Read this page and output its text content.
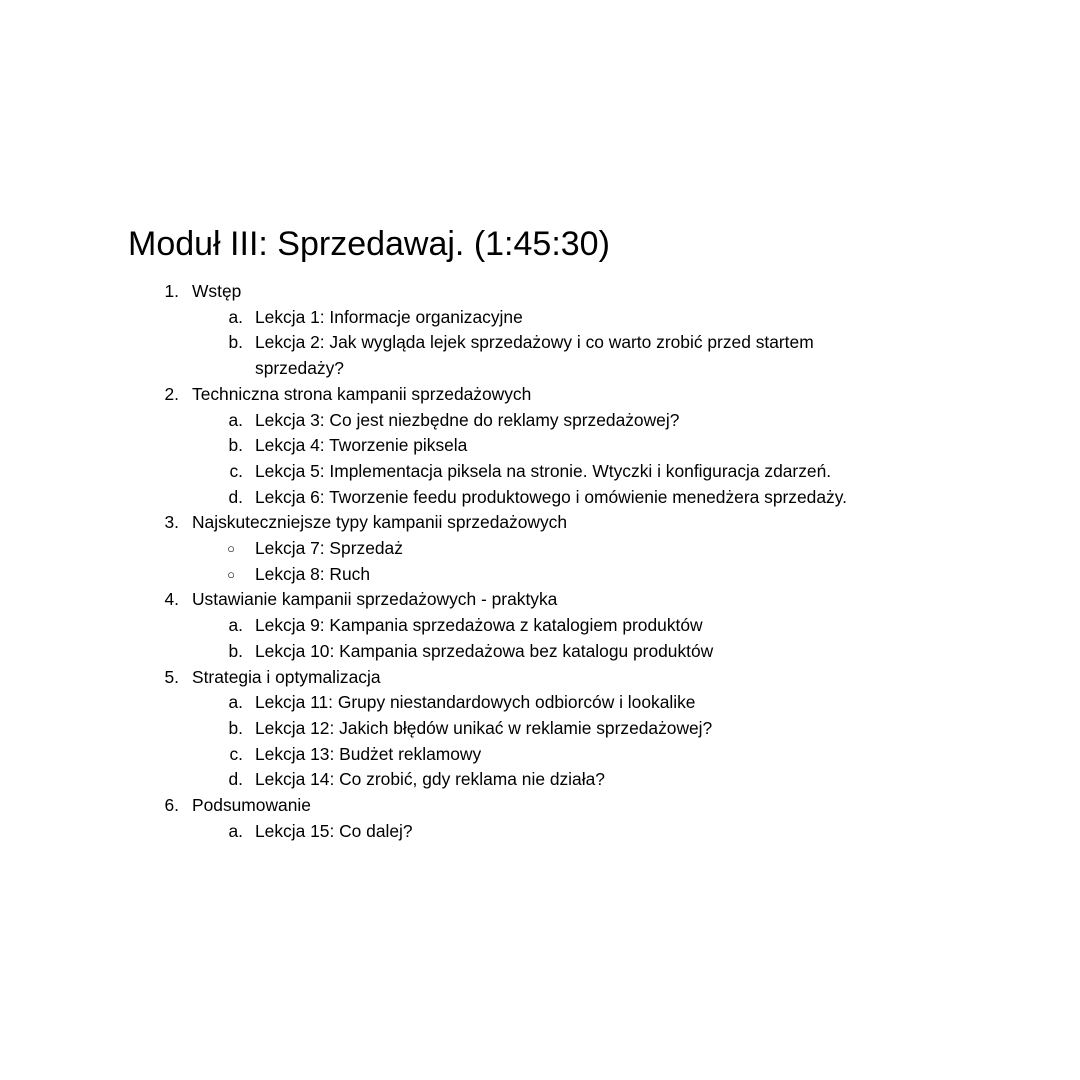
Moduł III: Sprzedawaj. (1:45:30)
1. Wstęp
a. Lekcja 1: Informacje organizacyjne
b. Lekcja 2: Jak wygląda lejek sprzedażowy i co warto zrobić przed startem sprzedaży?
2. Techniczna strona kampanii sprzedażowych
a. Lekcja 3: Co jest niezbędne do reklamy sprzedażowej?
b. Lekcja 4: Tworzenie piksela
c. Lekcja 5: Implementacja piksela na stronie. Wtyczki i konfiguracja zdarzeń.
d. Lekcja 6: Tworzenie feedu produktowego i omówienie menedżera sprzedaży.
3. Najskuteczniejsze typy kampanii sprzedażowych
○ Lekcja 7: Sprzedaż
○ Lekcja 8: Ruch
4. Ustawianie kampanii sprzedażowych - praktyka
a. Lekcja 9: Kampania sprzedażowa z katalogiem produktów
b. Lekcja 10: Kampania sprzedażowa bez katalogu produktów
5. Strategia i optymalizacja
a. Lekcja 11: Grupy niestandardowych odbiorców i lookalike
b. Lekcja 12: Jakich błędów unikać w reklamie sprzedażowej?
c. Lekcja 13: Budżet reklamowy
d. Lekcja 14: Co zrobić, gdy reklama nie działa?
6. Podsumowanie
a. Lekcja 15: Co dalej?
